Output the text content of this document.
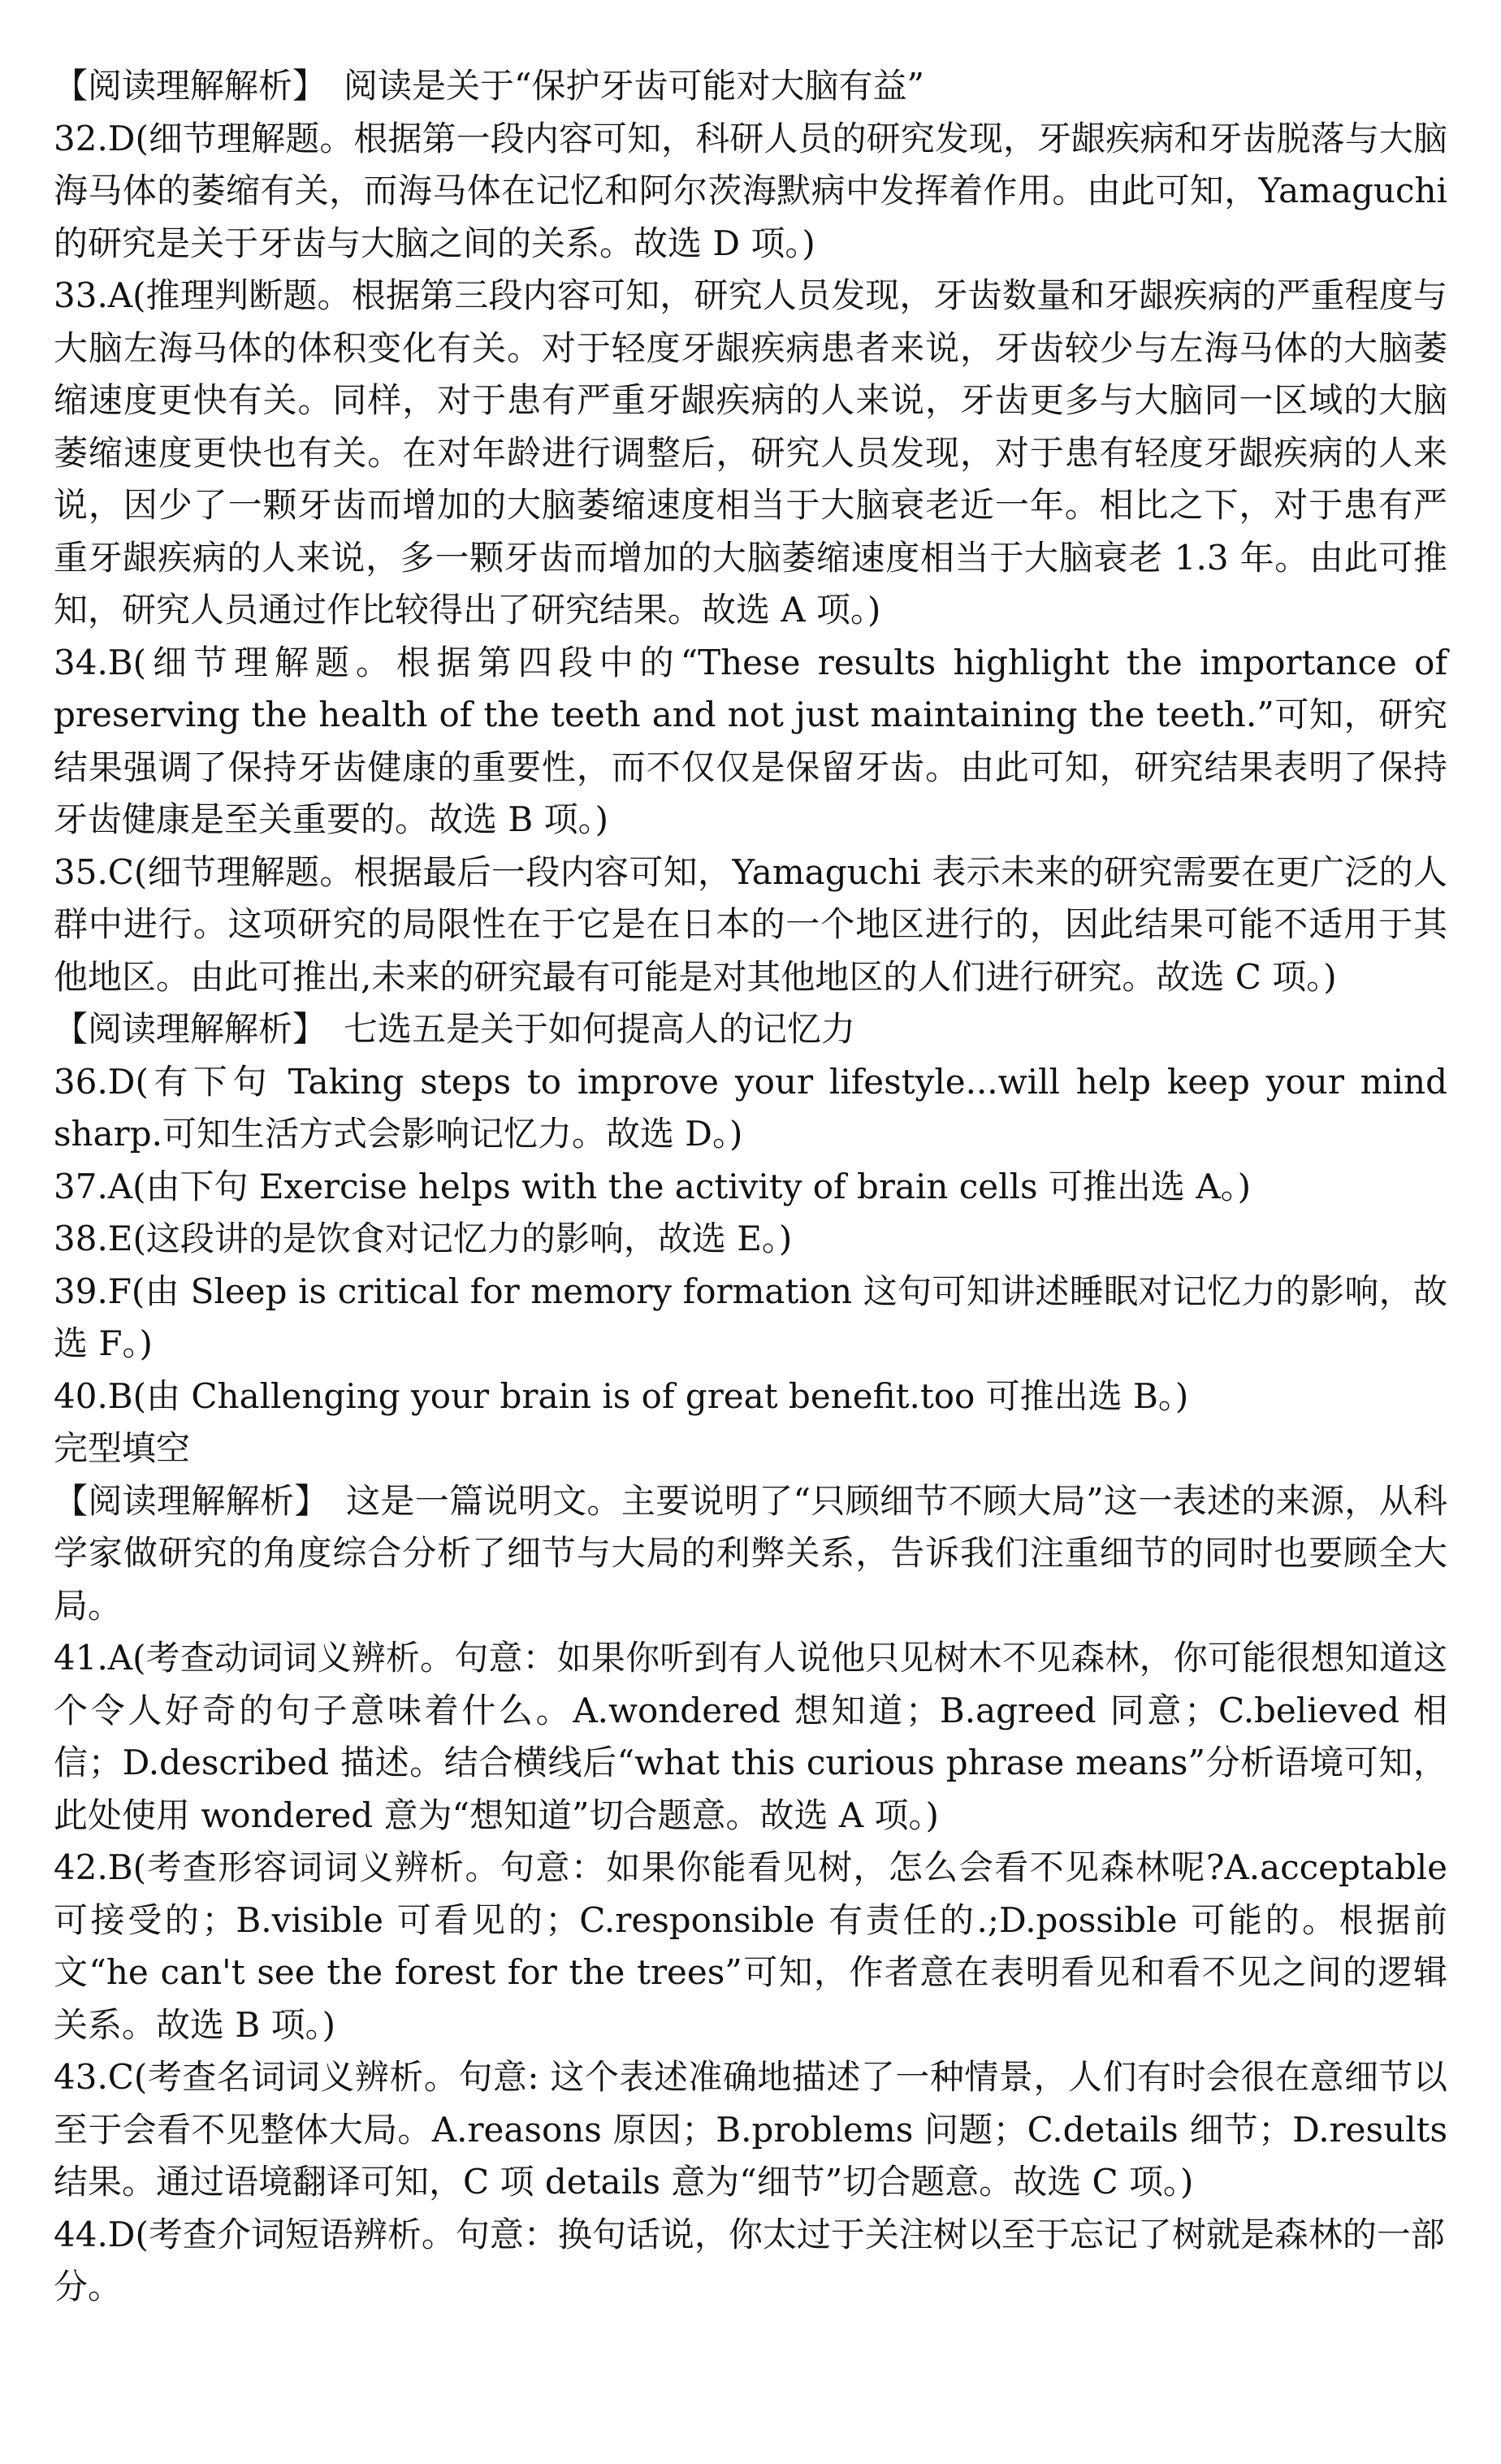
【阅读理解解析】　阅读是关于“保护牙齿可能对大脑有益”

32.D(细节理解题。根据第一段内容可知，科研人员的研究发现，牙龈疾病和牙齿脱落与大脑海马体的萎缩有关，而海马体在记忆和阿尔茨海默病中发挥着作用。由此可知，Yamaguchi 的研究是关于牙齿与大脑之间的关系。故选 D 项。)

33.A(推理判断题。根据第三段内容可知，研究人员发现，牙齿数量和牙龈疾病的严重程度与大脑左海马体的体积变化有关。对于轻度牙龈疾病患者来说，牙齿较少与左海马体的大脑萎缩速度更快有关。同样，对于患有严重牙龈疾病的人来说，牙齿更多与大脑同一区域的大脑萎缩速度更快也有关。在对年龄进行调整后，研究人员发现，对于患有轻度牙龈疾病的人来说，因少了一颗牙齿而增加的大脑萎缩速度相当于大脑衰老近一年。相比之下，对于患有严重牙龈疾病的人来说，多一颗牙齿而增加的大脑萎缩速度相当于大脑衰老 1.3 年。由此可推知，研究人员通过作比较得出了研究结果。故选 A 项。)

34.B(细节理解题。根据第四段中的“These results highlight the importance of preserving the health of the teeth and not just maintaining the teeth.”可知，研究结果强调了保持牙齿健康的重要性，而不仅仅是保留牙齿。由此可知，研究结果表明了保持牙齿健康是至关重要的。故选 B 项。)

35.C(细节理解题。根据最后一段内容可知，Yamaguchi 表示未来的研究需要在更广泛的人群中进行。这项研究的局限性在于它是在日本的一个地区进行的，因此结果可能不适用于其他地区。由此可推出,未来的研究最有可能是对其他地区的人们进行研究。故选 C 项。)

【阅读理解解析】　七选五是关于如何提高人的记忆力

36.D(有下句 Taking steps to improve your lifestyle...will help keep your mind sharp.可知生活方式会影响记忆力。故选 D。)

37.A(由下句 Exercise helps with the activity of brain cells 可推出选 A。)

38.E(这段讲的是饮食对记忆力的影响，故选 E。)

39.F(由 Sleep is critical for memory formation 这句可知讲述睡眠对记忆力的影响，故选 F。)

40.B(由 Challenging your brain is of great benefit.too 可推出选 B。)

完型填空

【阅读理解解析】　这是一篇说明文。主要说明了“只顾细节不顾大局”这一表述的来源，从科学家做研究的角度综合分析了细节与大局的利弊关系，告诉我们注重细节的同时也要顾全大局。

41.A(考查动词词义辨析。句意：如果你听到有人说他只见树木不见森林，你可能很想知道这个令人好奇的句子意味着什么。A.wondered 想知道；B.agreed 同意；C.believed 相信；D.described 描述。结合横线后“what this curious phrase means”分析语境可知，此处使用 wondered 意为“想知道”切合题意。故选 A 项。)

42.B(考查形容词词义辨析。句意：如果你能看见树，怎么会看不见森林呢?A.acceptable 可接受的；B.visible 可看见的；C.responsible 有责任的.;D.possible 可能的。根据前文“he can't see the forest for the trees”可知，作者意在表明看见和看不见之间的逻辑关系。故选 B 项。)

43.C(考查名词词义辨析。句意: 这个表述准确地描述了一种情景，人们有时会很在意细节以至于会看不见整体大局。A.reasons 原因；B.problems 问题；C.details 细节；D.results 结果。通过语境翻译可知，C 项 details 意为“细节”切合题意。故选 C 项。)

44.D(考查介词短语辨析。句意：换句话说，你太过于关注树以至于忘记了树就是森林的一部分。
